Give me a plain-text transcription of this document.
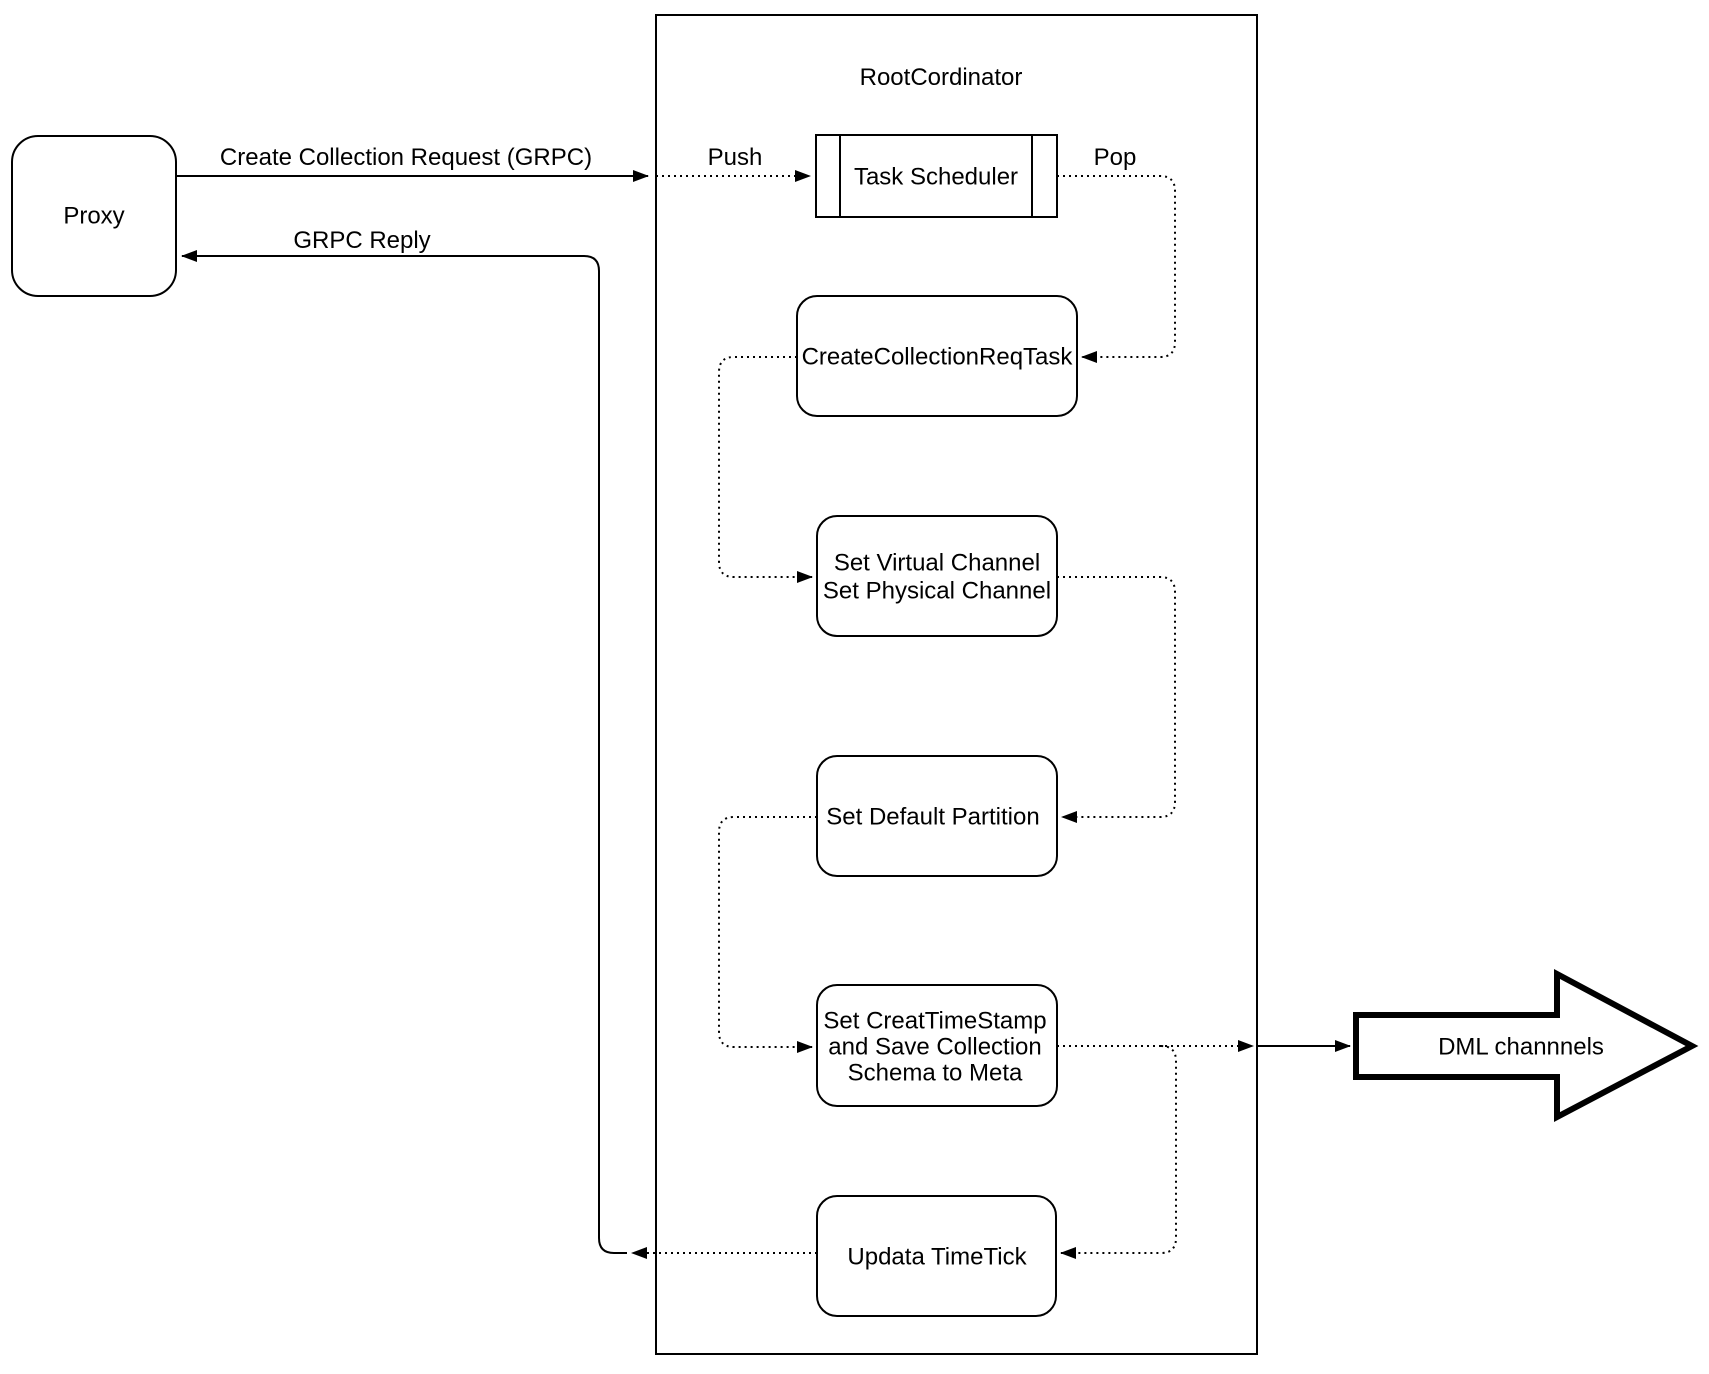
RootCordinator
Proxy
Create Collection Request (GRPC)
GRPC Reply
Push	Pop
Task Scheduler
CreateCollectionReqTask
Set Virtual Channel
Set Physical Channel
Set Default Partition
Set CreatTimeStamp
and Save Collection
Schema to Meta
Updata TimeTick
DML channnels
